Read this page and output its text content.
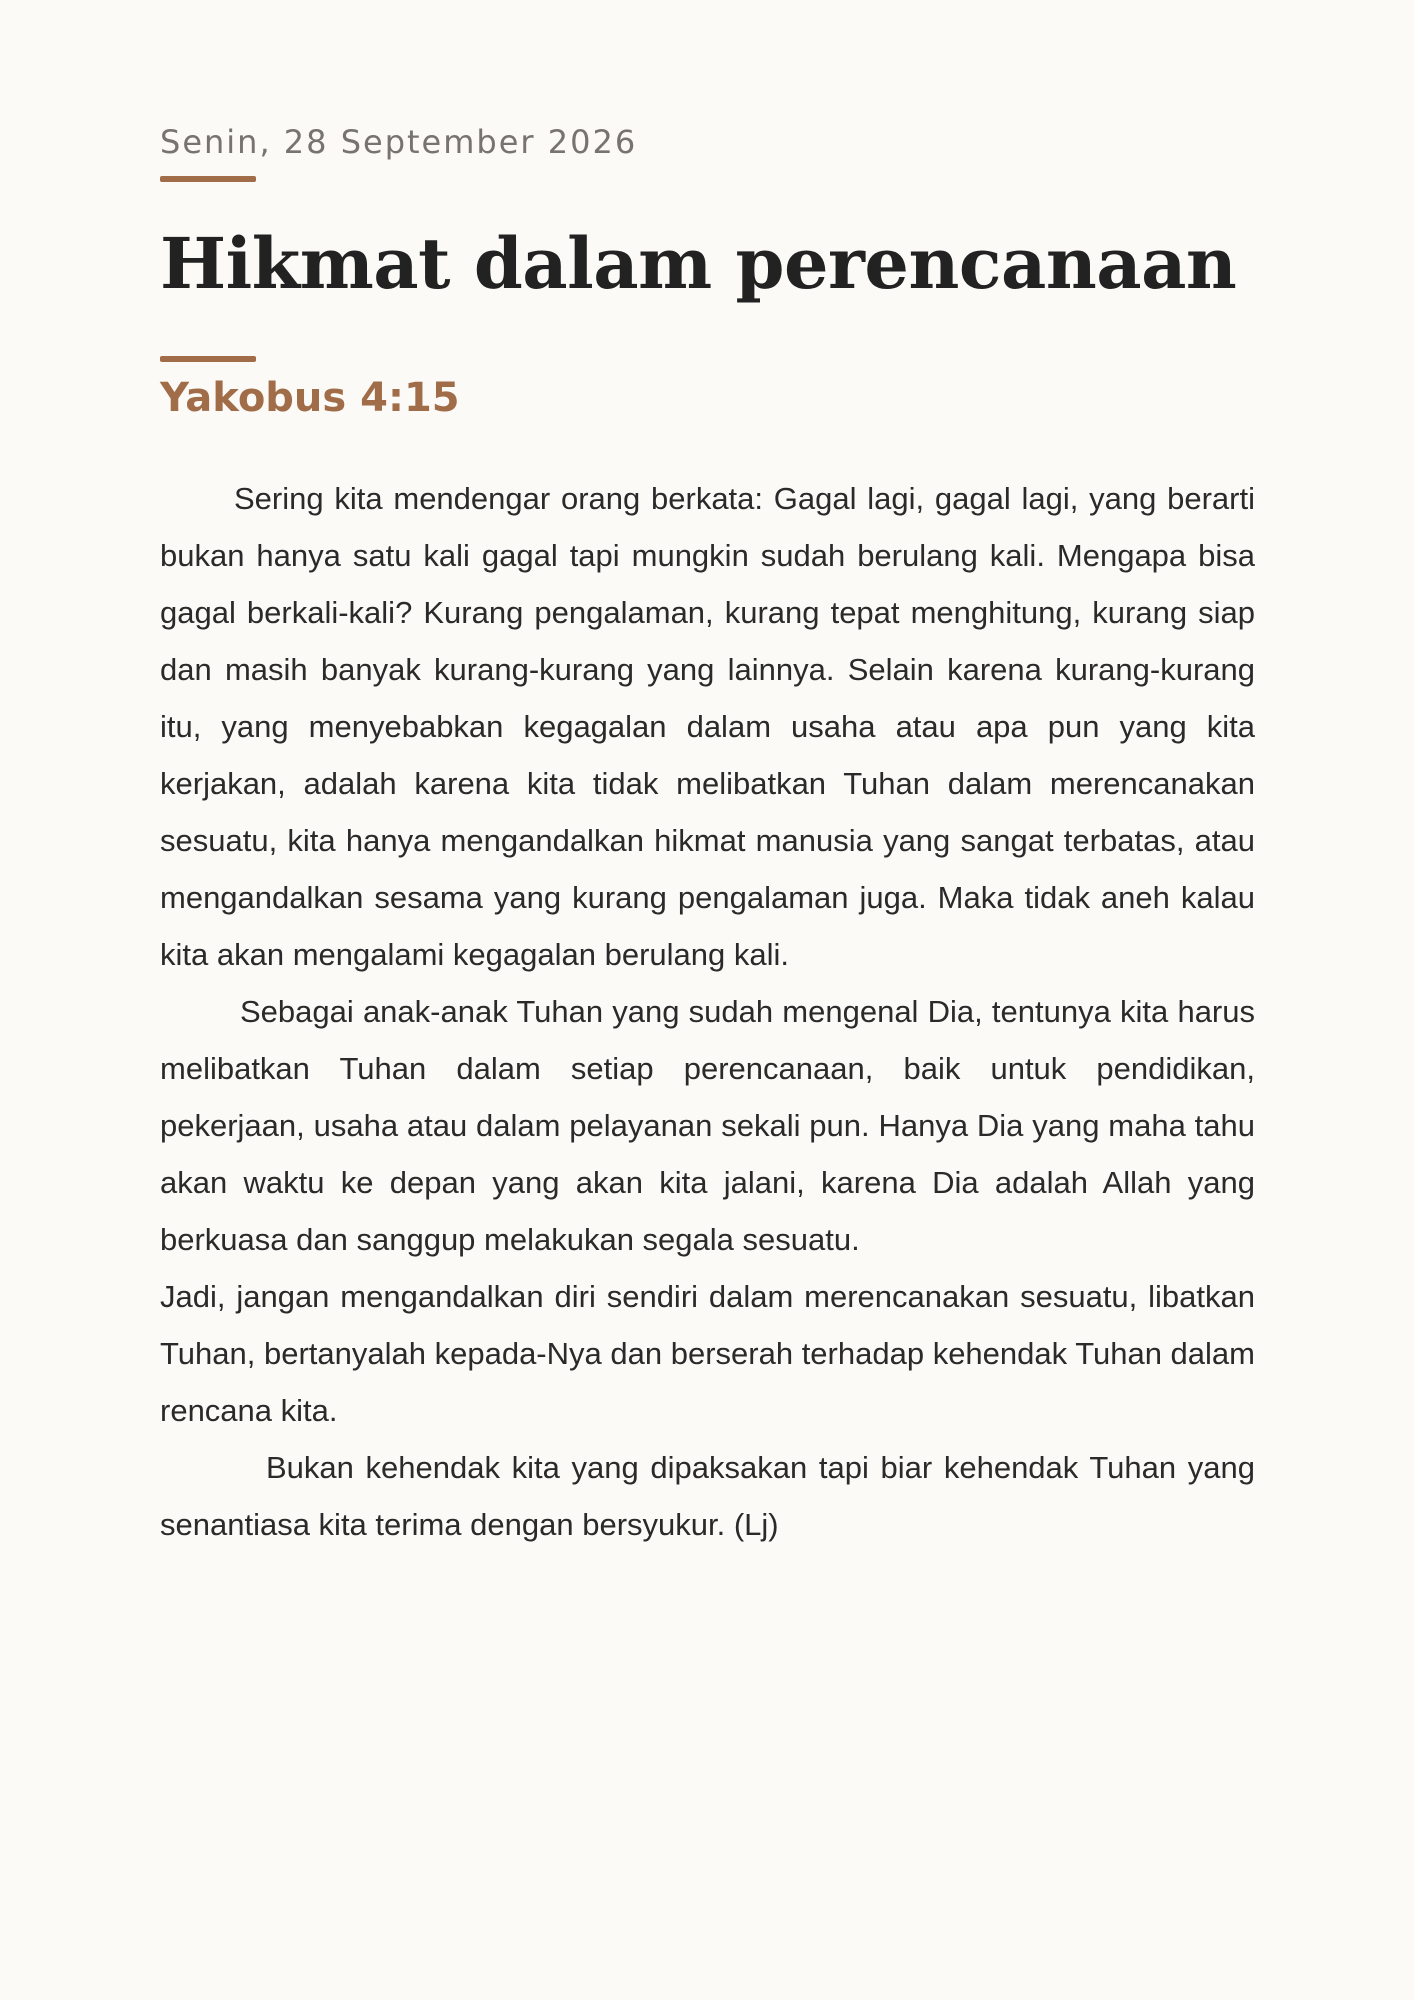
Senin, 28 September 2026
Hikmat dalam perencanaan
Yakobus 4:15

Sering kita mendengar orang berkata: Gagal lagi, gagal lagi, yang berarti bukan hanya satu kali gagal tapi mungkin sudah berulang kali. Mengapa bisa gagal berkali-kali? Kurang pengalaman, kurang tepat menghitung, kurang siap dan masih banyak kurang-kurang yang lainnya. Selain karena kurang-kurang itu, yang menyebabkan kegagalan dalam usaha atau apa pun yang kita kerjakan, adalah karena kita tidak melibatkan Tuhan dalam merencanakan sesuatu, kita hanya mengandalkan hikmat manusia yang sangat terbatas, atau mengandalkan sesama yang kurang pengalaman juga. Maka tidak aneh kalau kita akan mengalami kegagalan berulang kali.

Sebagai anak-anak Tuhan yang sudah mengenal Dia, tentunya kita harus melibatkan Tuhan dalam setiap perencanaan, baik untuk pendidikan, pekerjaan, usaha atau dalam pelayanan sekali pun. Hanya Dia yang maha tahu akan waktu ke depan yang akan kita jalani, karena Dia adalah Allah yang berkuasa dan sanggup melakukan segala sesuatu.

Jadi, jangan mengandalkan diri sendiri dalam merencanakan sesuatu, libatkan Tuhan, bertanyalah kepada-Nya dan berserah terhadap kehendak Tuhan dalam rencana kita.

Bukan kehendak kita yang dipaksakan tapi biar kehendak Tuhan yang senantiasa kita terima dengan bersyukur. (Lj)
